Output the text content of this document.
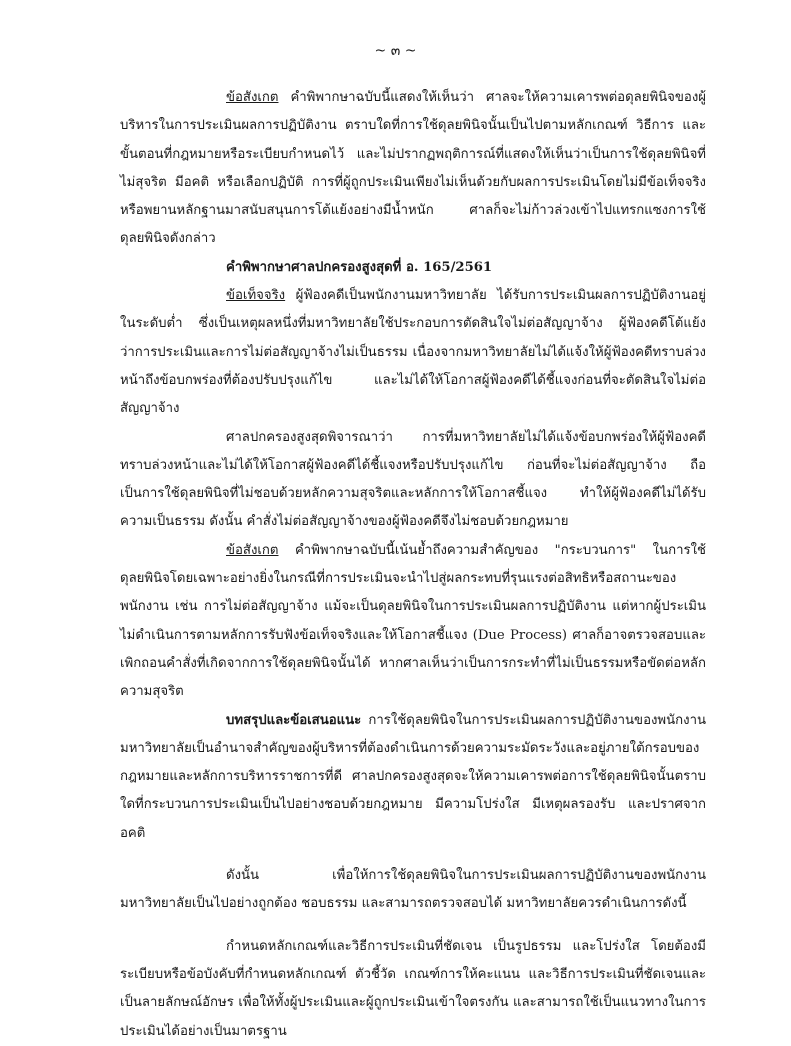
~ ๓ ~

ข้อสังเกต คำพิพากษาฉบับนี้แสดงให้เห็นว่า ศาลจะให้ความเคารพต่อดุลยพินิจของผู้บริหารในการประเมินผลการปฏิบัติงาน ตราบใดที่การใช้ดุลยพินิจนั้นเป็นไปตามหลักเกณฑ์ วิธีการ และขั้นตอนที่กฎหมายหรือระเบียบกำหนดไว้ และไม่ปรากฏพฤติการณ์ที่แสดงให้เห็นว่าเป็นการใช้ดุลยพินิจที่ไม่สุจริต มีอคติ หรือเลือกปฏิบัติ การที่ผู้ถูกประเมินเพียงไม่เห็นด้วยกับผลการประเมินโดยไม่มีข้อเท็จจริงหรือพยานหลักฐานมาสนับสนุนการโต้แย้งอย่างมีน้ำหนัก ศาลก็จะไม่ก้าวล่วงเข้าไปแทรกแซงการใช้ดุลยพินิจดังกล่าว

คำพิพากษาศาลปกครองสูงสุดที่ อ. 165/2561

ข้อเท็จจริง ผู้ฟ้องคดีเป็นพนักงานมหาวิทยาลัย ได้รับการประเมินผลการปฏิบัติงานอยู่ในระดับต่ำ ซึ่งเป็นเหตุผลหนึ่งที่มหาวิทยาลัยใช้ประกอบการตัดสินใจไม่ต่อสัญญาจ้าง ผู้ฟ้องคดีโต้แย้งว่าการประเมินและการไม่ต่อสัญญาจ้างไม่เป็นธรรม เนื่องจากมหาวิทยาลัยไม่ได้แจ้งให้ผู้ฟ้องคดีทราบล่วงหน้าถึงข้อบกพร่องที่ต้องปรับปรุงแก้ไข และไม่ได้ให้โอกาสผู้ฟ้องคดีได้ชี้แจงก่อนที่จะตัดสินใจไม่ต่อสัญญาจ้าง

ศาลปกครองสูงสุดพิจารณาว่า การที่มหาวิทยาลัยไม่ได้แจ้งข้อบกพร่องให้ผู้ฟ้องคดีทราบล่วงหน้าและไม่ได้ให้โอกาสผู้ฟ้องคดีได้ชี้แจงหรือปรับปรุงแก้ไข ก่อนที่จะไม่ต่อสัญญาจ้าง ถือเป็นการใช้ดุลยพินิจที่ไม่ชอบด้วยหลักความสุจริตและหลักการให้โอกาสชี้แจง ทำให้ผู้ฟ้องคดีไม่ได้รับความเป็นธรรม ดังนั้น คำสั่งไม่ต่อสัญญาจ้างของผู้ฟ้องคดีจึงไม่ชอบด้วยกฎหมาย

ข้อสังเกต คำพิพากษาฉบับนี้เน้นย้ำถึงความสำคัญของ "กระบวนการ" ในการใช้ดุลยพินิจโดยเฉพาะอย่างยิ่งในกรณีที่การประเมินจะนำไปสู่ผลกระทบที่รุนแรงต่อสิทธิหรือสถานะของพนักงาน เช่น การไม่ต่อสัญญาจ้าง แม้จะเป็นดุลยพินิจในการประเมินผลการปฏิบัติงาน แต่หากผู้ประเมินไม่ดำเนินการตามหลักการรับฟังข้อเท็จจริงและให้โอกาสชี้แจง (Due Process) ศาลก็อาจตรวจสอบและเพิกถอนคำสั่งที่เกิดจากการใช้ดุลยพินิจนั้นได้ หากศาลเห็นว่าเป็นการกระทำที่ไม่เป็นธรรมหรือขัดต่อหลักความสุจริต

บทสรุปและข้อเสนอแนะ การใช้ดุลยพินิจในการประเมินผลการปฏิบัติงานของพนักงานมหาวิทยาลัยเป็นอำนาจสำคัญของผู้บริหารที่ต้องดำเนินการด้วยความระมัดระวังและอยู่ภายใต้กรอบของกฎหมายและหลักการบริหารราชการที่ดี ศาลปกครองสูงสุดจะให้ความเคารพต่อการใช้ดุลยพินิจนั้นตราบใดที่กระบวนการประเมินเป็นไปอย่างชอบด้วยกฎหมาย มีความโปร่งใส มีเหตุผลรองรับ และปราศจากอคติ

ดังนั้น เพื่อให้การใช้ดุลยพินิจในการประเมินผลการปฏิบัติงานของพนักงานมหาวิทยาลัยเป็นไปอย่างถูกต้อง ชอบธรรม และสามารถตรวจสอบได้ มหาวิทยาลัยควรดำเนินการดังนี้

กำหนดหลักเกณฑ์และวิธีการประเมินที่ชัดเจน เป็นรูปธรรม และโปร่งใส โดยต้องมีระเบียบหรือข้อบังคับที่กำหนดหลักเกณฑ์ ตัวชี้วัด เกณฑ์การให้คะแนน และวิธีการประเมินที่ชัดเจนและเป็นลายลักษณ์อักษร เพื่อให้ทั้งผู้ประเมินและผู้ถูกประเมินเข้าใจตรงกัน และสามารถใช้เป็นแนวทางในการประเมินได้อย่างเป็นมาตรฐาน
